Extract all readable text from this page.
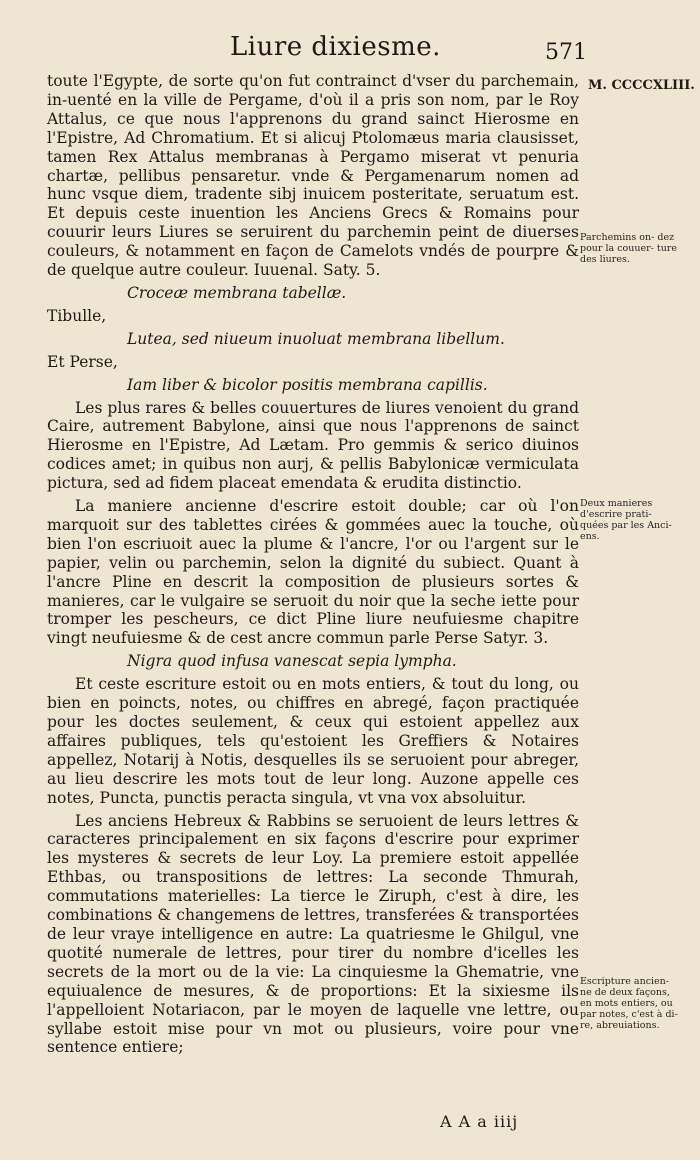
Liure dixiesme.	571
M. CCCCXLIII.

toute l'Egypte, de sorte qu'on fut contrainct d'vser du parchemain, in-uenté en la ville de Pergame, d'où il a pris son nom, par le Roy Attalus, ce que nous l'apprenons du grand sainct Hierosme en l'Epistre, Ad Chromatium. Et si alicuj Ptolomæus maria clausisset, tamen Rex Attalus membranas à Pergamo miserat vt penuria chartæ, pellibus pensaretur. vnde & Pergamenarum nomen ad hunc vsque diem, tradente sibj inuicem posteritate, seruatum est. Et depuis ceste inuention les Anciens Grecs & Romains pour couurir leurs Liures se seruirent du parchemin peint de diuerses couleurs, & notamment en façon de Camelots vndés de pourpre & de quelque autre couleur. Iuuenal. Saty. 5.

Croceæ membrana tabellæ.

Tibulle,

Lutea, sed niueum inuoluat membrana libellum.

Et Perse,

Iam liber & bicolor positis membrana capillis.

Les plus rares & belles couuertures de liures venoient du grand Caire, autrement Babylone, ainsi que nous l'apprenons de sainct Hierosme en l'Epistre, Ad Lætam. Pro gemmis & serico diuinos codices amet; in quibus non aurj, & pellis Babylonicæ vermiculata pictura, sed ad fidem placeat emendata & erudita distinctio.

La maniere ancienne d'escrire estoit double; car où l'on marquoit sur des tablettes cirées & gommées auec la touche, où bien l'on escriuoit auec la plume & l'ancre, l'or ou l'argent sur le papier, velin ou parchemin, selon la dignité du subiect. Quant à l'ancre Pline en descrit la composition de plusieurs sortes & manieres, car le vulgaire se seruoit du noir que la seche iette pour tromper les pescheurs, ce dict Pline liure neufuiesme chapitre vingt neufuiesme & de cest ancre commun parle Perse Satyr. 3.

Nigra quod infusa vanescat sepia lympha.

Et ceste escriture estoit ou en mots entiers, & tout du long, ou bien en poincts, notes, ou chiffres en abregé, façon practiquée pour les doctes seulement, & ceux qui estoient appellez aux affaires publiques, tels qu'estoient les Greffiers & Notaires appellez, Notarij à Notis, desquelles ils se seruoient pour abreger, au lieu descrire les mots tout de leur long. Auzone appelle ces notes, Puncta, punctis peracta singula, vt vna vox absoluitur.

Les anciens Hebreux & Rabbins se seruoient de leurs lettres & caracteres principalement en six façons d'escrire pour exprimer les mysteres & secrets de leur Loy. La premiere estoit appellée Ethbas, ou transpositions de lettres: La seconde Thmurah, commutations materielles: La tierce le Ziruph, c'est à dire, les combinations & changemens de lettres, transferées & transportées de leur vraye intelligence en autre: La quatriesme le Ghilgul, vne quotité numerale de lettres, pour tirer du nombre d'icelles les secrets de la mort ou de la vie: La cinquiesme la Ghematrie, vne equiualence de mesures, & de proportions: Et la sixiesme ils l'appelloient Notariacon, par le moyen de laquelle vne lettre, ou syllabe estoit mise pour vn mot ou plusieurs, voire pour vne sentence entiere;

Parchemins on- dez pour la couuer- ture des liures.
Deux manieres d'escrire prati- quées par les Anci- ens.
Escripture ancien- ne de deux façons, en mots entiers, ou par notes, c'est à di- re, abreuiations.
A A a iiij
